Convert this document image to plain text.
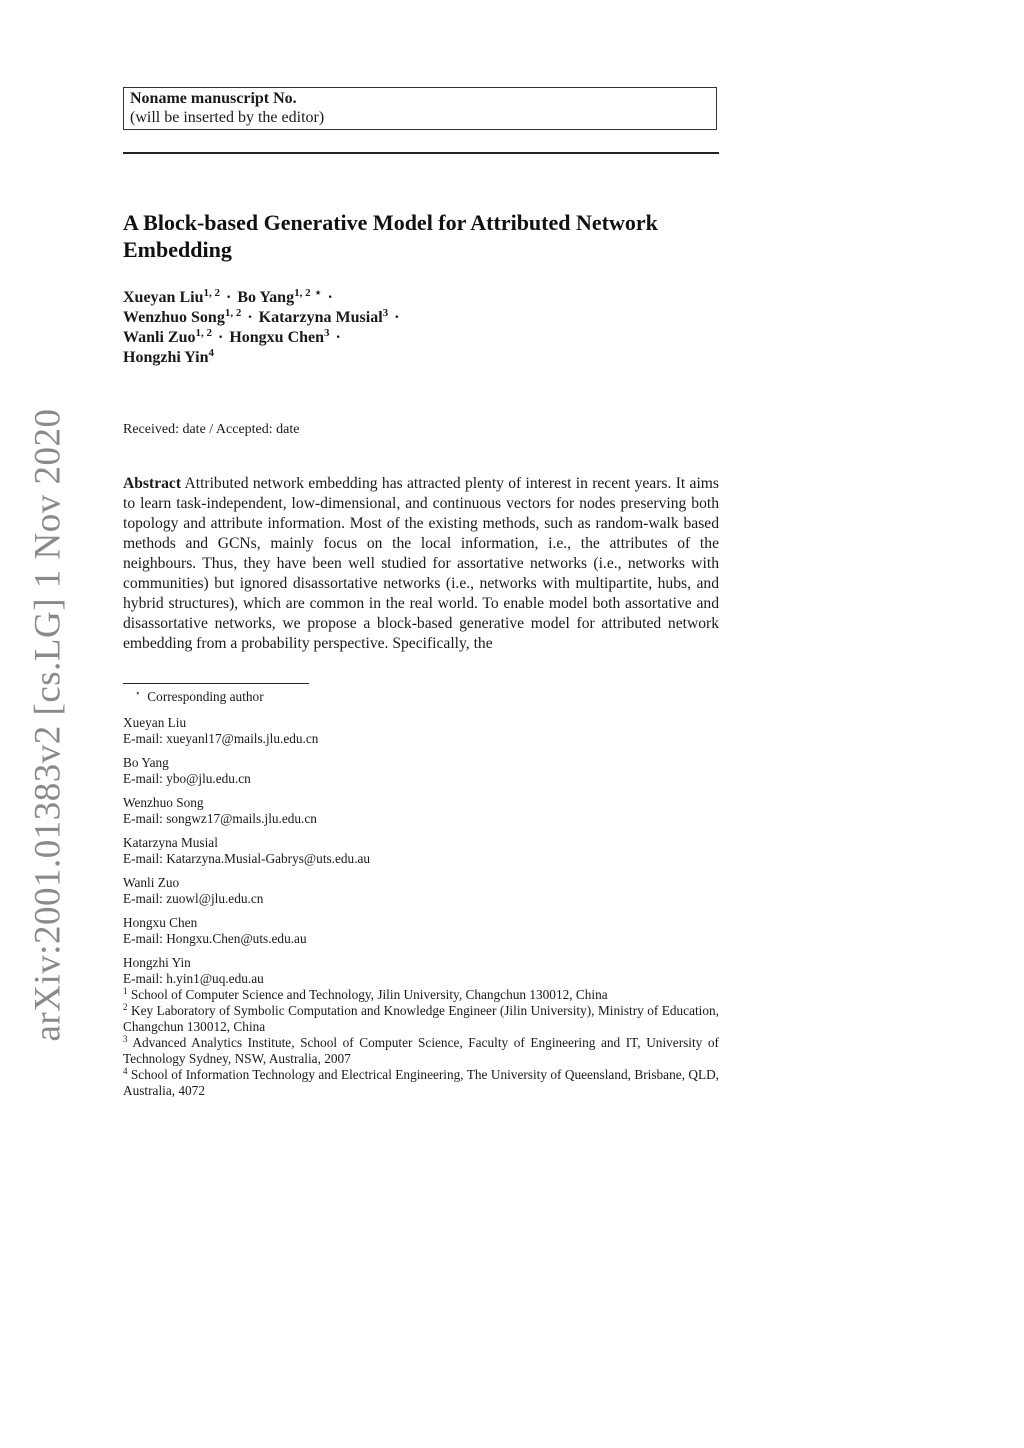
arXiv:2001.01383v2 [cs.LG] 1 Nov 2020
Noname manuscript No.
(will be inserted by the editor)
A Block-based Generative Model for Attributed Network Embedding
Xueyan Liu$^{1, 2}$ · Bo Yang$^{1, 2}$ ⋆ ·
Wenzhuo Song$^{1, 2}$ · Katarzyna Musial$^3$ ·
Wanli Zuo$^{1, 2}$ · Hongxu Chen$^3$ ·
Hongzhi Yin$^4$
Received: date / Accepted: date
Abstract Attributed network embedding has attracted plenty of interest in recent years. It aims to learn task-independent, low-dimensional, and continuous vectors for nodes preserving both topology and attribute information. Most of the existing methods, such as random-walk based methods and GCNs, mainly focus on the local information, i.e., the attributes of the neighbours. Thus, they have been well studied for assortative networks (i.e., networks with communities) but ignored disassortative networks (i.e., networks with multipartite, hubs, and hybrid structures), which are common in the real world. To enable model both assortative and disassortative networks, we propose a block-based generative model for attributed network embedding from a probability perspective. Specifically, the
⋆ Corresponding author
Xueyan Liu
E-mail: xueyanl17@mails.jlu.edu.cn
Bo Yang
E-mail: ybo@jlu.edu.cn
Wenzhuo Song
E-mail: songwz17@mails.jlu.edu.cn
Katarzyna Musial
E-mail: Katarzyna.Musial-Gabrys@uts.edu.au
Wanli Zuo
E-mail: zuowl@jlu.edu.cn
Hongxu Chen
E-mail: Hongxu.Chen@uts.edu.au
Hongzhi Yin
E-mail: h.yin1@uq.edu.au
$^1$ School of Computer Science and Technology, Jilin University, Changchun 130012, China
$^2$ Key Laboratory of Symbolic Computation and Knowledge Engineer (Jilin University), Ministry of Education, Changchun 130012, China
$^3$ Advanced Analytics Institute, School of Computer Science, Faculty of Engineering and IT, University of Technology Sydney, NSW, Australia, 2007
$^4$ School of Information Technology and Electrical Engineering, The University of Queensland, Brisbane, QLD, Australia, 4072
